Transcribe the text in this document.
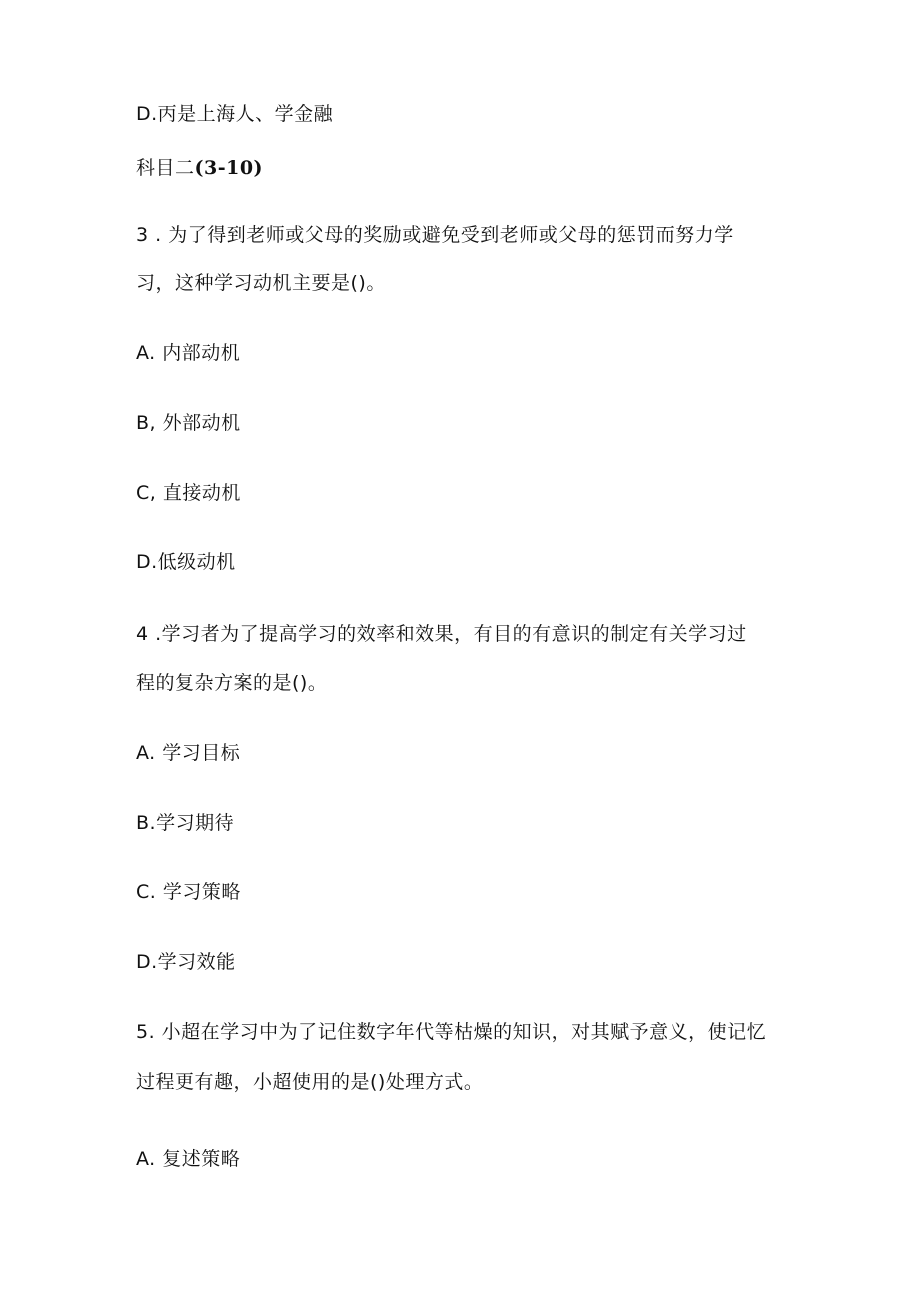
D.丙是上海人、学金融
科目二(3-10)
3 . 为了得到老师或父母的奖励或避免受到老师或父母的惩罚而努力学
习，这种学习动机主要是()。
A. 内部动机
B, 外部动机
C, 直接动机
D.低级动机
4 .学习者为了提高学习的效率和效果，有目的有意识的制定有关学习过
程的复杂方案的是()。
A. 学习目标
B.学习期待
C. 学习策略
D.学习效能
5. 小超在学习中为了记住数字年代等枯燥的知识，对其赋予意义，使记忆
过程更有趣，小超使用的是()处理方式。
A. 复述策略
